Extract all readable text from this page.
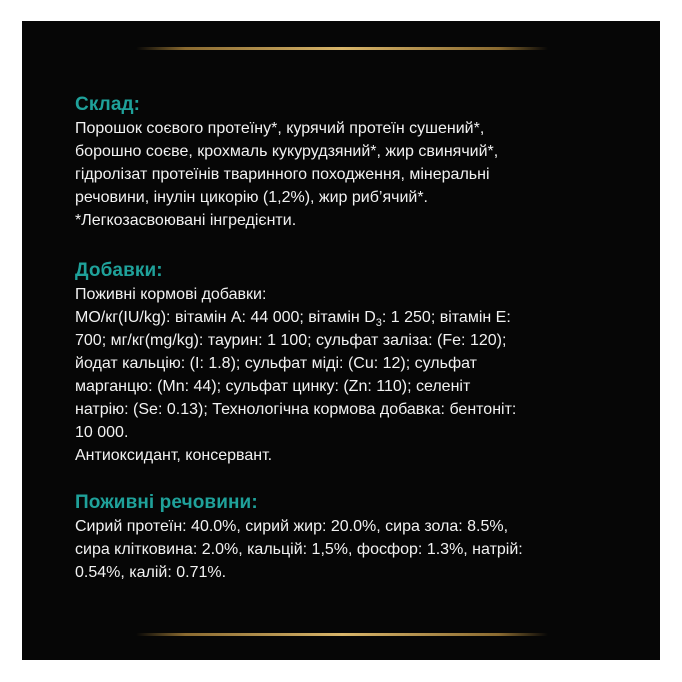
Склад:
Порошок соєвого протеїну*, курячий протеїн сушений*,
борошно соєве, крохмаль кукурудзяний*, жир свинячий*,
гідролізат протеїнів тваринного походження, мінеральні
речовини, інулін цикорію (1,2%), жир риб’ячий*.
*Легкозасвоювані інгредієнти.
Добавки:
Поживні кормові добавки:
МО/кг(IU/kg): вітамін A: 44 000; вітамін $D_3$: 1 250; вітамін E:
700; мг/кг(mg/kg): таурин: 1 100; сульфат заліза: (Fe: 120);
йодат кальцію: (I: 1.8); сульфат міді: (Cu: 12); сульфат
марганцю: (Mn: 44); сульфат цинку: (Zn: 110); селеніт
натрію: (Se: 0.13); Технологічна кормова добавка: бентоніт:
10 000.
Антиоксидант, консервант.
Поживні речовини:
Сирий протеїн: 40.0%, сирий жир: 20.0%, сира зола: 8.5%,
сира клітковина: 2.0%, кальцій: 1,5%, фосфор: 1.3%, натрій:
0.54%, калій: 0.71%.
